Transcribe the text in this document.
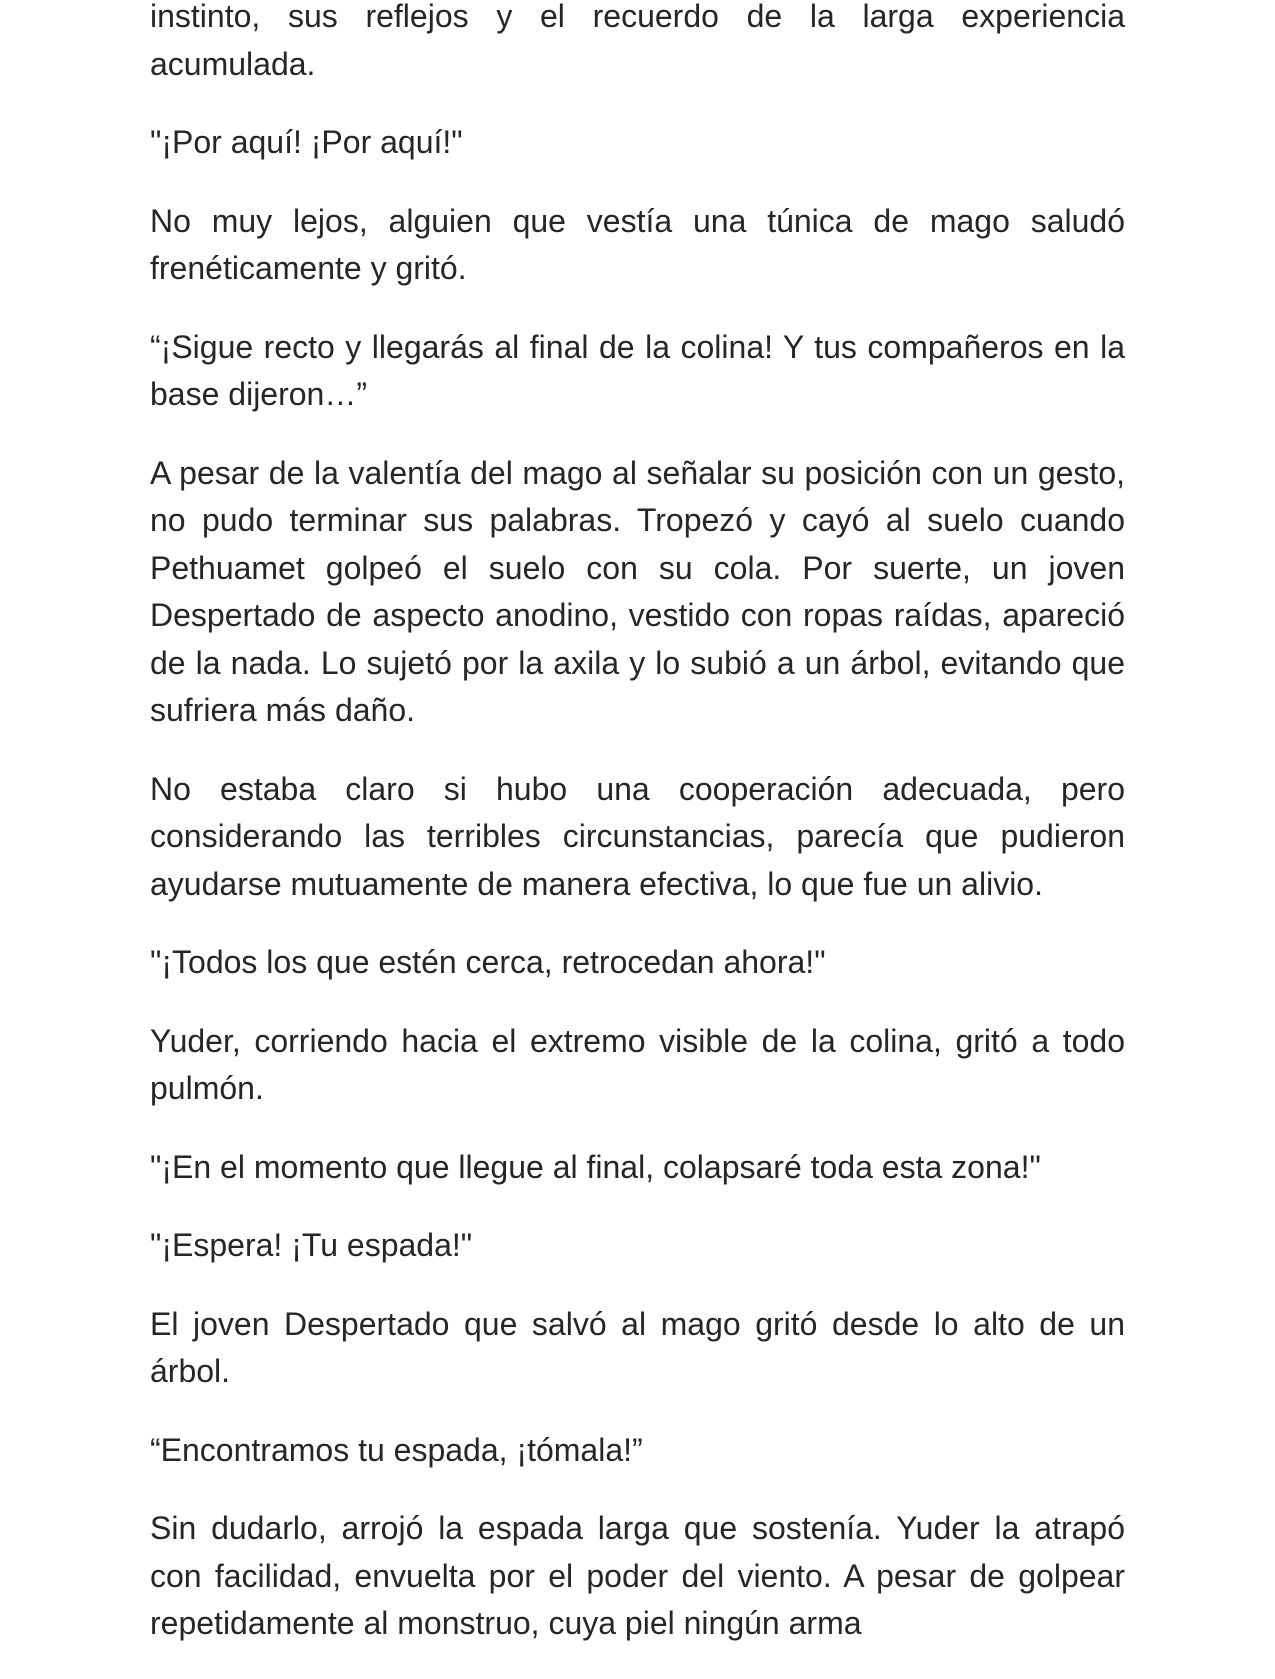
instinto, sus reflejos y el recuerdo de la larga experiencia acumulada.

"¡Por aquí! ¡Por aquí!"

No muy lejos, alguien que vestía una túnica de mago saludó frenéticamente y gritó.

“¡Sigue recto y llegarás al final de la colina! Y tus compañeros en la base dijeron…”

A pesar de la valentía del mago al señalar su posición con un gesto, no pudo terminar sus palabras. Tropezó y cayó al suelo cuando Pethuamet golpeó el suelo con su cola. Por suerte, un joven Despertado de aspecto anodino, vestido con ropas raídas, apareció de la nada. Lo sujetó por la axila y lo subió a un árbol, evitando que sufriera más daño.

No estaba claro si hubo una cooperación adecuada, pero considerando las terribles circunstancias, parecía que pudieron ayudarse mutuamente de manera efectiva, lo que fue un alivio.

"¡Todos los que estén cerca, retrocedan ahora!"

Yuder, corriendo hacia el extremo visible de la colina, gritó a todo pulmón.

"¡En el momento que llegue al final, colapsaré toda esta zona!"

"¡Espera! ¡Tu espada!"

El joven Despertado que salvó al mago gritó desde lo alto de un árbol.

“Encontramos tu espada, ¡tómala!”

Sin dudarlo, arrojó la espada larga que sostenía. Yuder la atrapó con facilidad, envuelta por el poder del viento. A pesar de golpear repetidamente al monstruo, cuya piel ningún arma
